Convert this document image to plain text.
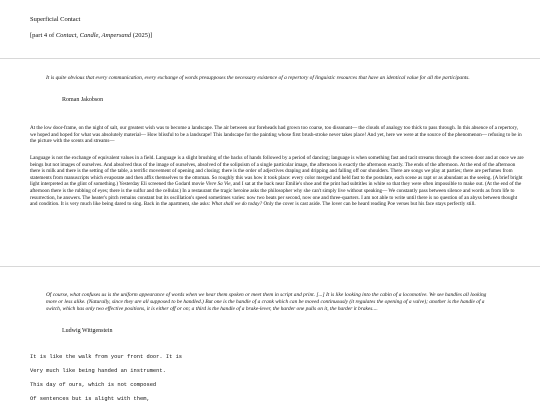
Superficial Contact
[part 4 of Contact, Candle, Ampersand (2025)]
It is quite obvious that every communication, every exchange of words presupposes the necessary existence of a repertory of linguistic resources that have an identical value for all the participants.
Roman Jakobson
At the low door-frame, on the night of salt, our greatest wish was to become a landscape. The air between our foreheads had grown too coarse, too dissonant— the clouds of analogy too thick to pass through. In this absence of a repertory, we hoped and hoped for what was absolutely material— How blissful to be a landscape! This landscape for the painting whose first brush-stroke never takes place! And yet, here we were at the source of the phenomenon— refusing to be in the picture with the scents and streams—
Language is not the exchange of equivalent values in a field. Language is a slight brushing of the backs of hands followed by a period of dancing; language is when something fast and tacit streams through the screen door and at once we are beings but not images of ourselves. And absolved thus of the image of ourselves, absolved of the solipsism of a single particular image, the afternoon is exactly the afternoon exactly. The ends of the afternoon. At the end of the afternoon there is milk and there is the setting of the table, a terrific movement of opening and closing; there is the order of adjectives draping and dripping and falling off our shoulders. There are songs we play at parties; there are perfumes from statements from manuscripts which evaporate and then affix themselves to the ottoman. So roughly this was how it took place: every color merged and held fast to the postulate, each scene as rapt or as abundant as the seeing. (A brief bright light interpreted as the glint of something.) Yesterday Eli screened the Godard movie Vivre Sa Vie, and I sat at the back near Emilie's shoe and the print had subtitles in white so that they were often impossible to make out. (At the end of the afternoon there is the rubbing of eyes; there is the sulfur and the cellular.) In a restaurant the tragic heroine asks the philosopher why she can't simply live without speaking— We constantly pass between silence and words as from life to resurrection, he answers. The heater's pitch remains constant but its oscillation's speed sometimes varies: now two beats per second, now one and three-quarters. I am not able to write until there is no question of an abyss between thought and condition. It is very much like being dared to sing. Back in the apartment, she asks: What shall we do today? Only the cover is cast aside. The lover can be heard reading Poe verses but his face stays perfectly still.
Of course, what confuses us is the uniform appearance of words when we hear them spoken or meet them in script and print. [...] It is like looking into the cabin of a locomotive. We see handles all looking more or less alike. (Naturally, since they are all supposed to be handled.) But one is the handle of a crank which can be moved continuously (it regulates the opening of a valve); another is the handle of a switch, which has only two effective positions, it is either off or on; a third is the handle of a brake-lever, the harder one pulls on it, the harder it brakes....
Ludwig Wittgenstein
It is like the walk from your front door. It is
Very much like being handed an instrument.
This day of ours, which is not composed
Of sentences but is alight with them,
